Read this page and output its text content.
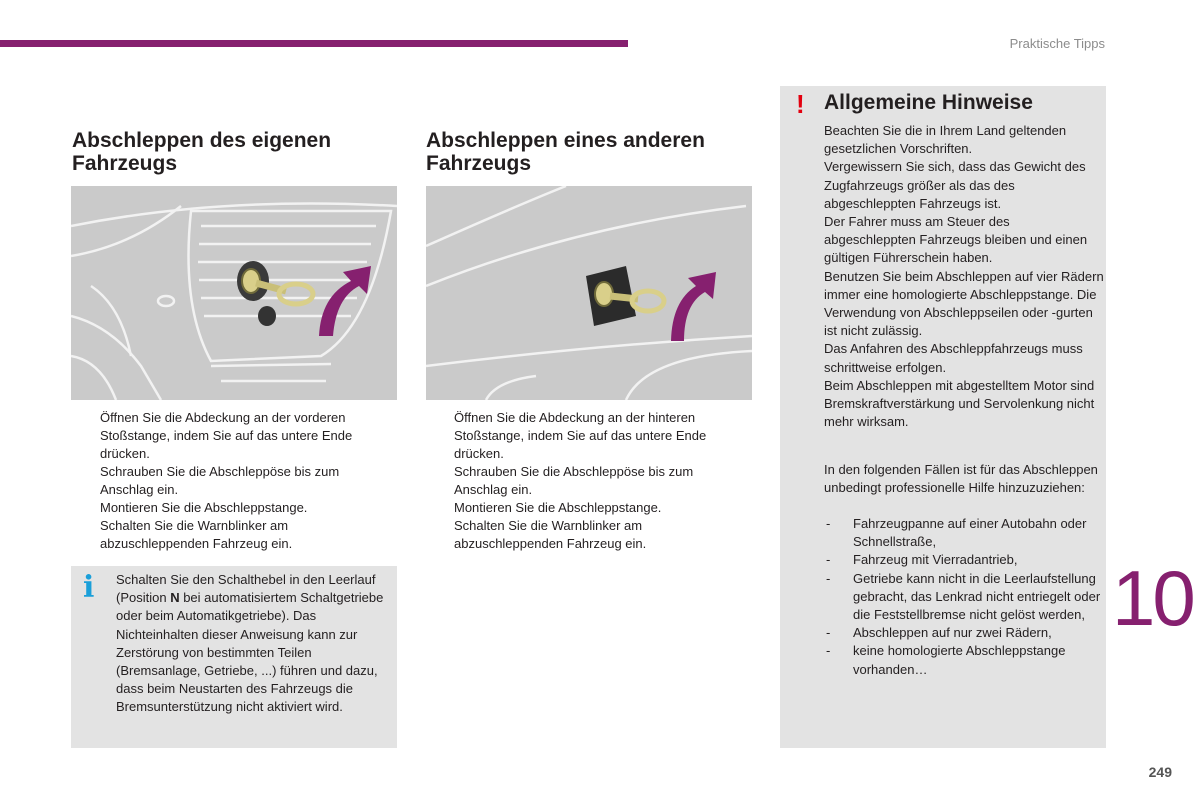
Praktische Tipps
Abschleppen des eigenen Fahrzeugs
Abschleppen eines anderen Fahrzeugs
Öffnen Sie die Abdeckung an der vorderen Stoßstange, indem Sie auf das untere Ende drücken.
Schrauben Sie die Abschleppöse bis zum Anschlag ein.
Montieren Sie die Abschleppstange.
Schalten Sie die Warnblinker am abzuschleppenden Fahrzeug ein.
Öffnen Sie die Abdeckung an der hinteren Stoßstange, indem Sie auf das untere Ende drücken.
Schrauben Sie die Abschleppöse bis zum Anschlag ein.
Montieren Sie die Abschleppstange.
Schalten Sie die Warnblinker am abzuschleppenden Fahrzeug ein.
i Schalten Sie den Schalthebel in den Leerlauf (Position N bei automatisiertem Schaltgetriebe oder beim Automatikgetriebe). Das Nichteinhalten dieser Anweisung kann zur Zerstörung von bestimmten Teilen (Bremsanlage, Getriebe, ...) führen und dazu, dass beim Neustarten des Fahrzeugs die Bremsunterstützung nicht aktiviert wird.

! Allgemeine Hinweise

Beachten Sie die in Ihrem Land geltenden gesetzlichen Vorschriften.
Vergewissern Sie sich, dass das Gewicht des Zugfahrzeugs größer als das des abgeschleppten Fahrzeugs ist.
Der Fahrer muss am Steuer des abgeschleppten Fahrzeugs bleiben und einen gültigen Führerschein haben.
Benutzen Sie beim Abschleppen auf vier Rädern immer eine homologierte Abschleppstange. Die Verwendung von Abschleppseilen oder -gurten ist nicht zulässig.
Das Anfahren des Abschleppfahrzeugs muss schrittweise erfolgen.
Beim Abschleppen mit abgestelltem Motor sind Bremskraftverstärkung und Servolenkung nicht mehr wirksam.

In den folgenden Fällen ist für das Abschleppen unbedingt professionelle Hilfe hinzuzuziehen:

- Fahrzeugpanne auf einer Autobahn oder Schnellstraße,
- Fahrzeug mit Vierradantrieb,
- Getriebe kann nicht in die Leerlaufstellung gebracht, das Lenkrad nicht entriegelt oder die Feststellbremse nicht gelöst werden,
- Abschleppen auf nur zwei Rädern,
- keine homologierte Abschleppstange vorhanden…
10
249
